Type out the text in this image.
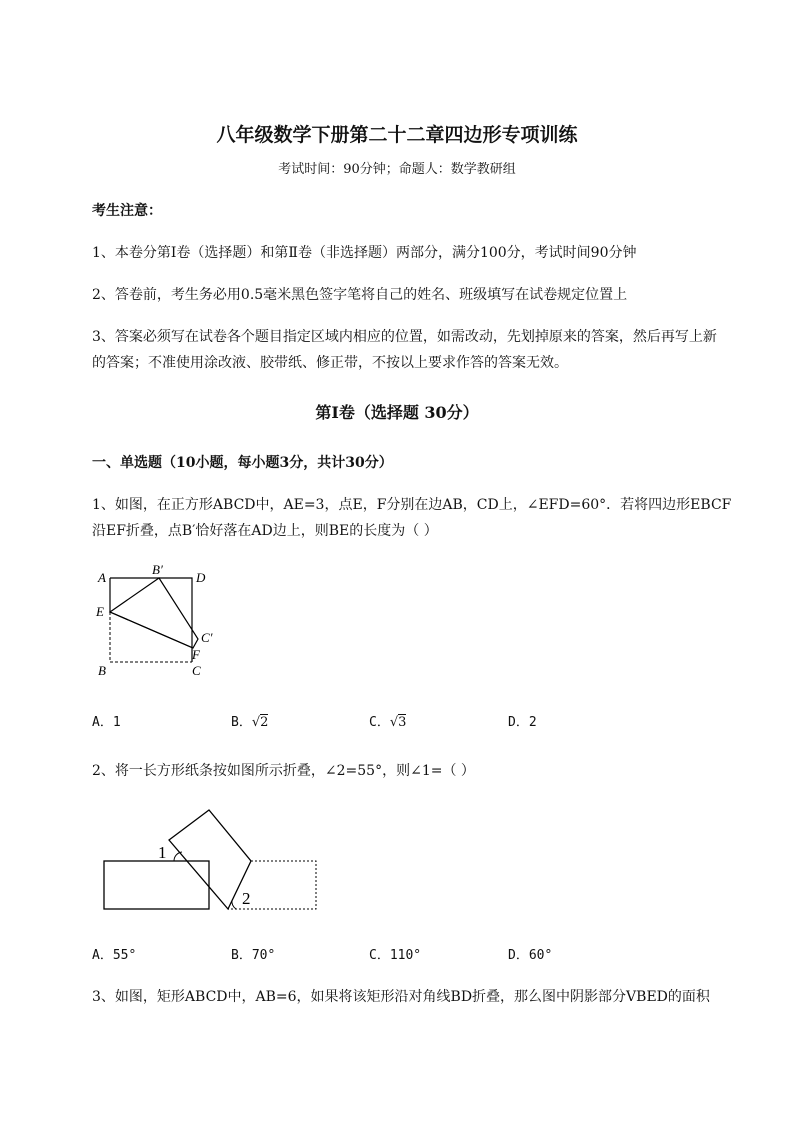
八年级数学下册第二十二章四边形专项训练
考试时间：90分钟；命题人：数学教研组
考生注意：
1、本卷分第I卷（选择题）和第Ⅱ卷（非选择题）两部分，满分100分，考试时间90分钟
2、答卷前，考生务必用0.5毫米黑色签字笔将自己的姓名、班级填写在试卷规定位置上
3、答案必须写在试卷各个题目指定区域内相应的位置，如需改动，先划掉原来的答案，然后再写上新
的答案；不准使用涂改液、胶带纸、修正带，不按以上要求作答的答案无效。
第I卷（选择题 30分）
一、单选题（10小题，每小题3分，共计30分）
1、如图，在正方形ABCD中，AE=3，点E，F分别在边AB，CD上，∠EFD=60°．若将四边形EBCF
沿EF折叠，点B′恰好落在AD边上，则BE的长度为（ ）
A
B′
D
E
C′
F
B	C
A．1	B．√2	C．√3	D．2
2、将一长方形纸条按如图所示折叠，∠2=55°，则∠1=（ ）
1
2
A．55°	B．70°	C．110°	D．60°
3、如图，矩形ABCD中，AB=6，如果将该矩形沿对角线BD折叠，那么图中阴影部分VBED的面积
